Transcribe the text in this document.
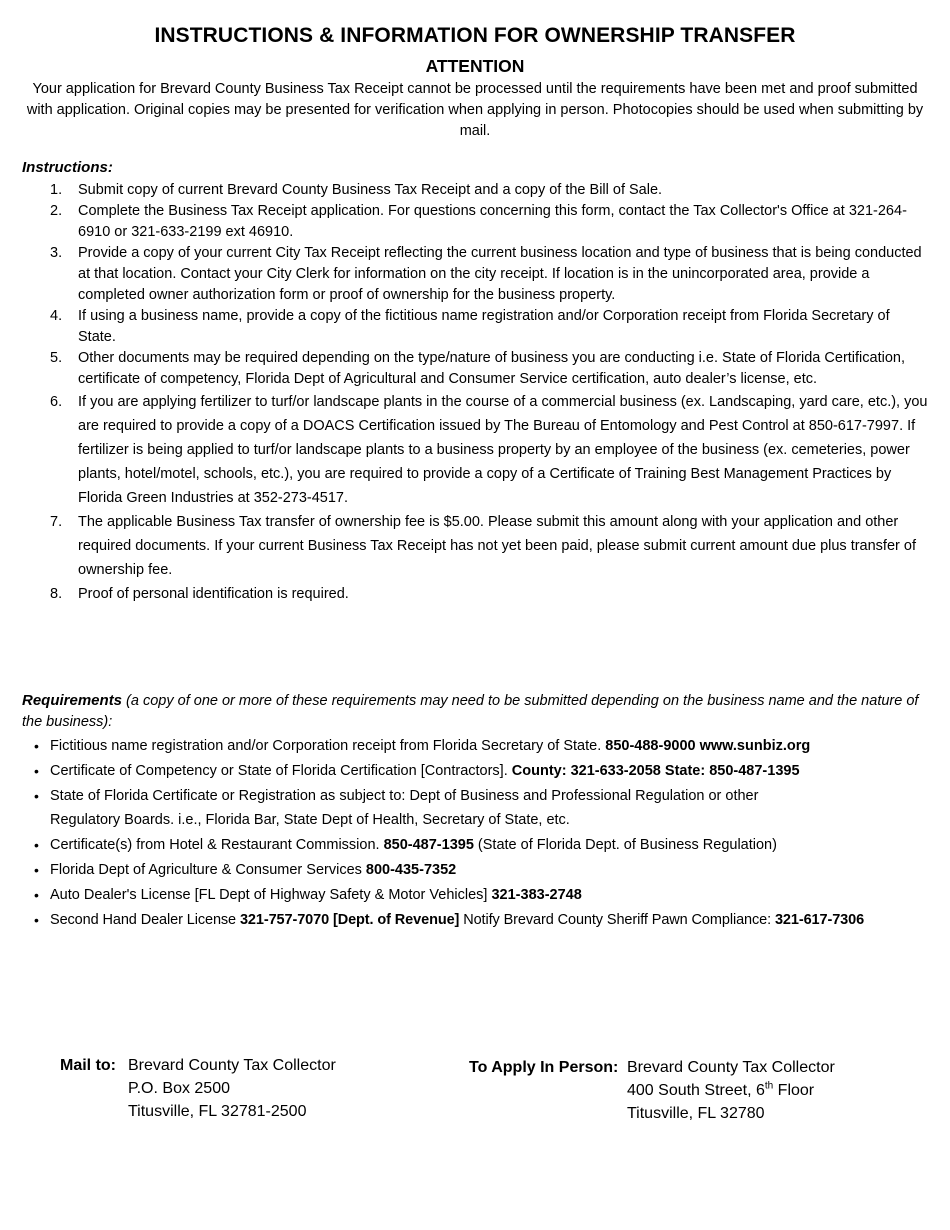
INSTRUCTIONS & INFORMATION FOR OWNERSHIP TRANSFER
ATTENTION
Your application for Brevard County Business Tax Receipt cannot be processed until the requirements have been met and proof submitted with application. Original copies may be presented for verification when applying in person. Photocopies should be used when submitting by mail.
Instructions:
1. Submit copy of current Brevard County Business Tax Receipt and a copy of the Bill of Sale.
2. Complete the Business Tax Receipt application. For questions concerning this form, contact the Tax Collector's Office at 321-264-6910 or 321-633-2199 ext 46910.
3. Provide a copy of your current City Tax Receipt reflecting the current business location and type of business that is being conducted at that location. Contact your City Clerk for information on the city receipt. If location is in the unincorporated area, provide a completed owner authorization form or proof of ownership for the business property.
4. If using a business name, provide a copy of the fictitious name registration and/or Corporation receipt from Florida Secretary of State.
5. Other documents may be required depending on the type/nature of business you are conducting i.e. State of Florida Certification, certificate of competency, Florida Dept of Agricultural and Consumer Service certification, auto dealer’s license, etc.
6. If you are applying fertilizer to turf/or landscape plants in the course of a commercial business (ex. Landscaping, yard care, etc.), you are required to provide a copy of a DOACS Certification issued by The Bureau of Entomology and Pest Control at 850-617-7997. If fertilizer is being applied to turf/or landscape plants to a business property by an employee of the business (ex. cemeteries, power plants, hotel/motel, schools, etc.), you are required to provide a copy of a Certificate of Training Best Management Practices by Florida Green Industries at 352-273-4517.
7. The applicable Business Tax transfer of ownership fee is $5.00. Please submit this amount along with your application and other required documents. If your current Business Tax Receipt has not yet been paid, please submit current amount due plus transfer of ownership fee.
8. Proof of personal identification is required.
Requirements (a copy of one or more of these requirements may need to be submitted depending on the business name and the nature of the business):
• Fictitious name registration and/or Corporation receipt from Florida Secretary of State. 850-488-9000 www.sunbiz.org
• Certificate of Competency or State of Florida Certification [Contractors]. County: 321-633-2058 State: 850-487-1395
• State of Florida Certificate or Registration as subject to: Dept of Business and Professional Regulation or other Regulatory Boards. i.e., Florida Bar, State Dept of Health, Secretary of State, etc.
• Certificate(s) from Hotel & Restaurant Commission. 850-487-1395 (State of Florida Dept. of Business Regulation)
• Florida Dept of Agriculture & Consumer Services 800-435-7352
• Auto Dealer's License [FL Dept of Highway Safety & Motor Vehicles] 321-383-2748
• Second Hand Dealer License 321-757-7070 [Dept. of Revenue] Notify Brevard County Sheriff Pawn Compliance: 321-617-7306
Mail to: Brevard County Tax Collector
P.O. Box 2500
Titusville, FL 32781-2500
To Apply In Person: Brevard County Tax Collector
400 South Street, 6th Floor
Titusville, FL 32780
